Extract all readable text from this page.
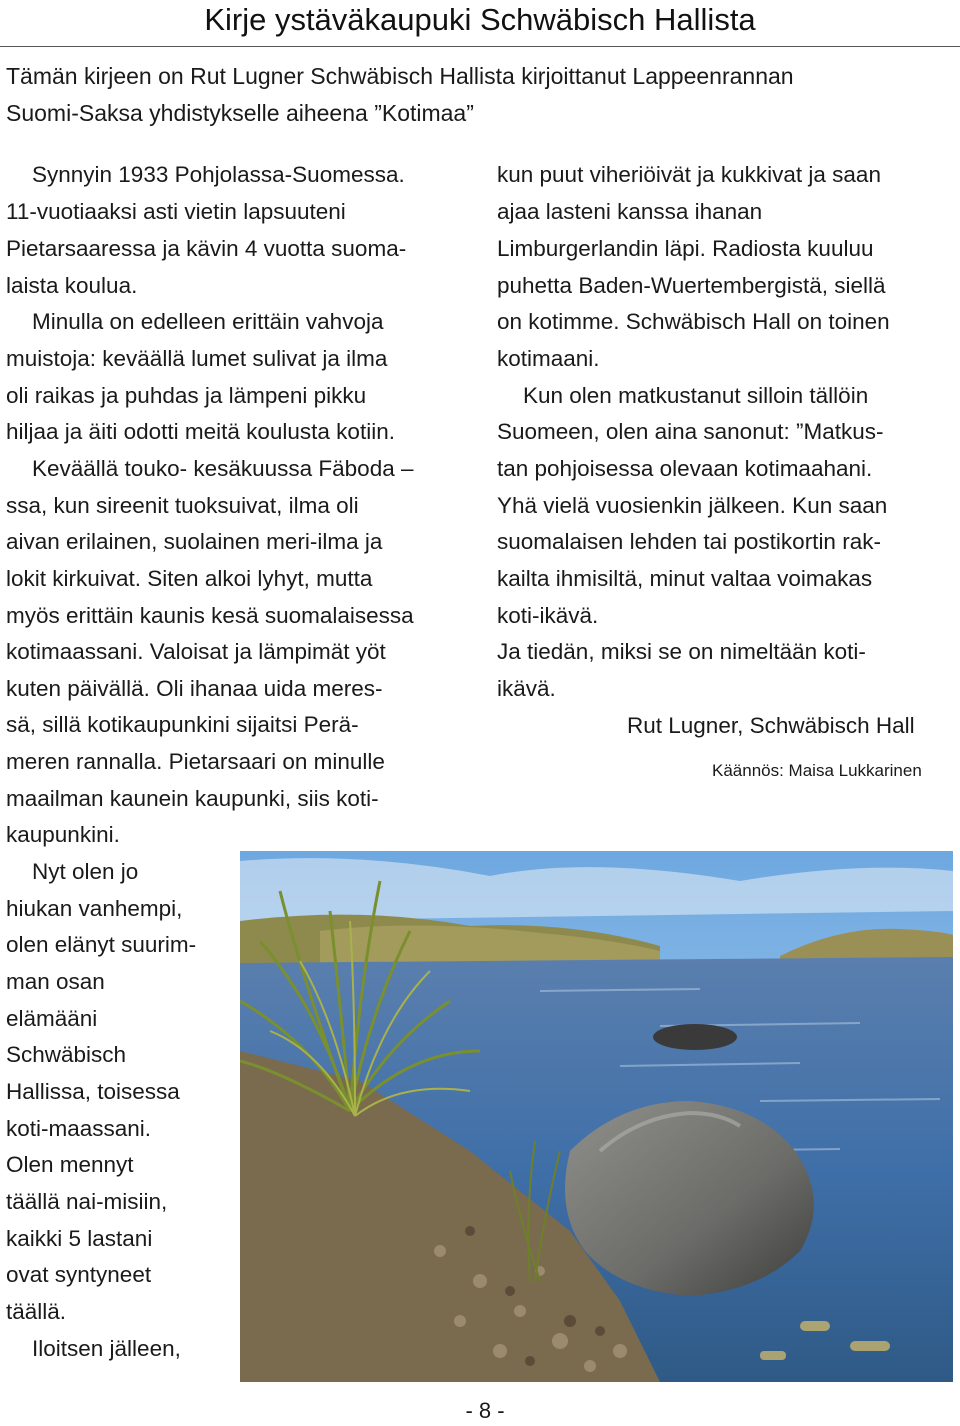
Kirje ystäväkaupuki Schwäbisch Hallista
Tämän kirjeen on Rut Lugner Schwäbisch Hallista kirjoittanut Lappeenrannan
Suomi-Saksa yhdistykselle aiheena ”Kotimaa”
Synnyin 1933 Pohjolassa-Suomessa.
11-vuotiaaksi asti vietin lapsuuteni
Pietarsaaressa ja kävin 4 vuotta suoma-
laista koulua.
Minulla on edelleen erittäin vahvoja
muistoja: keväällä lumet sulivat ja ilma
oli raikas ja puhdas ja lämpeni pikku
hiljaa ja äiti odotti meitä koulusta kotiin.
Keväällä touko- kesäkuussa Fäboda –
ssa, kun sireenit tuoksuivat, ilma oli
aivan erilainen, suolainen meri-ilma ja
lokit kirkuivat. Siten alkoi lyhyt, mutta
myös erittäin kaunis kesä suomalaisessa
kotimaassani. Valoisat ja lämpimät yöt
kuten päivällä. Oli ihanaa uida meres-
sä, sillä kotikaupunkini sijaitsi Perä-
meren rannalla. Pietarsaari on minulle
maailman kaunein kaupunki, siis koti-
kaupunkini.
Nyt olen jo
hiukan vanhempi,
olen elänyt suurim-
man osan
elämääni
Schwäbisch
Hallissa, toisessa
koti-maassani.
Olen mennyt
täällä nai-misiin,
kaikki 5 lastani
ovat syntyneet
täällä.
Iloitsen jälleen,
kun puut viheriöivät ja kukkivat ja saan
ajaa lasteni kanssa ihanan
Limburgerlandin läpi. Radiosta kuuluu
puhetta Baden-Wuertembergistä, siellä
on kotimme. Schwäbisch Hall on toinen
kotimaani.
Kun olen matkustanut silloin tällöin
Suomeen, olen aina sanonut: ”Matkus-
tan pohjoisessa olevaan kotimaahani.
Yhä vielä vuosienkin jälkeen. Kun saan
suomalaisen lehden tai postikortin rak-
kailta ihmisiltä, minut valtaa voimakas
koti-ikävä.
Ja tiedän, miksi se on nimeltään koti-
ikävä.
Rut Lugner, Schwäbisch Hall
Käännös: Maisa Lukkarinen
- 8 -
